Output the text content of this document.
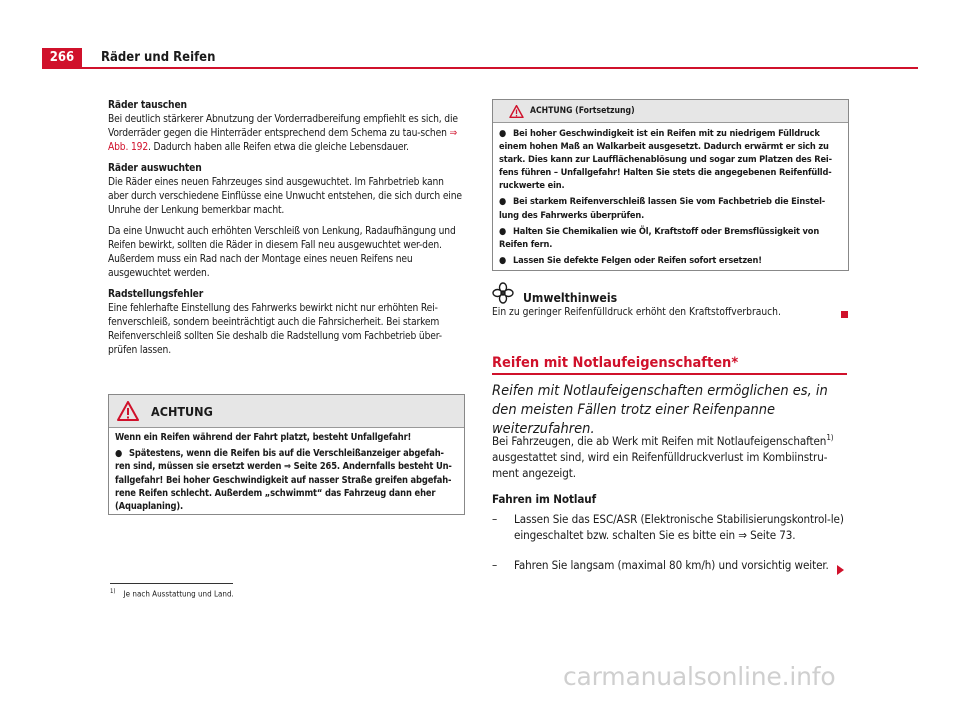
266	Räder und Reifen

Räder tauschen

Bei deutlich stärkerer Abnutzung der Vorderradbereifung empfiehlt es sich, die Vorderräder gegen die Hinterräder entsprechend dem Schema zu tau-schen ⇒ Abb. 192. Dadurch haben alle Reifen etwa die gleiche Lebensdauer.

Räder auswuchten

Die Räder eines neuen Fahrzeuges sind ausgewuchtet. Im Fahrbetrieb kann aber durch verschiedene Einflüsse eine Unwucht entstehen, die sich durch eine Unruhe der Lenkung bemerkbar macht.

Da eine Unwucht auch erhöhten Verschleiß von Lenkung, Radaufhängung und Reifen bewirkt, sollten die Räder in diesem Fall neu ausgewuchtet wer-den. Außerdem muss ein Rad nach der Montage eines neuen Reifens neu ausgewuchtet werden.

Radstellungsfehler

Eine fehlerhafte Einstellung des Fahrwerks bewirkt nicht nur erhöhten Rei-fenverschleiß, sondern beeinträchtigt auch die Fahrsicherheit. Bei starkem Reifenverschleiß sollten Sie deshalb die Radstellung vom Fachbetrieb über-prüfen lassen.

ACHTUNG

Wenn ein Reifen während der Fahrt platzt, besteht Unfallgefahr!

● Spätestens, wenn die Reifen bis auf die Verschleißanzeiger abgefah-ren sind, müssen sie ersetzt werden ⇒ Seite 265. Andernfalls besteht Un-fallgefahr! Bei hoher Geschwindigkeit auf nasser Straße greifen abgefah-rene Reifen schlecht. Außerdem „schwimmt“ das Fahrzeug dann eher (Aquaplaning).

ACHTUNG (Fortsetzung)

● Bei hoher Geschwindigkeit ist ein Reifen mit zu niedrigem Fülldruck einem hohen Maß an Walkarbeit ausgesetzt. Dadurch erwärmt er sich zu stark. Dies kann zur Laufflächenablösung und sogar zum Platzen des Rei-fens führen – Unfallgefahr! Halten Sie stets die angegebenen Reifenfülld-ruckwerte ein.

● Bei starkem Reifenverschleiß lassen Sie vom Fachbetrieb die Einstel-lung des Fahrwerks überprüfen.

● Halten Sie Chemikalien wie Öl, Kraftstoff oder Bremsflüssigkeit von Reifen fern.

● Lassen Sie defekte Felgen oder Reifen sofort ersetzen!

Umwelthinweis
Ein zu geringer Reifenfülldruck erhöht den Kraftstoffverbrauch.
Reifen mit Notlaufeigenschaften*
Reifen mit Notlaufeigenschaften ermöglichen es, in den meisten Fällen trotz einer Reifenpanne weiterzufahren.

Bei Fahrzeugen, die ab Werk mit Reifen mit Notlaufeigenschaften$^{1)}$ ausgestattet sind, wird ein Reifenfülldruckverlust im Kombiinstru-ment angezeigt.

Fahren im Notlauf

–	Lassen Sie das ESC/ASR (Elektronische Stabilisierungskontrol-le) eingeschaltet bzw. schalten Sie es bitte ein ⇒ Seite 73.

–	Fahren Sie langsam (maximal 80 km/h) und vorsichtig weiter.

$^{1)}$ Je nach Ausstattung und Land.
carmanualsonline.info
